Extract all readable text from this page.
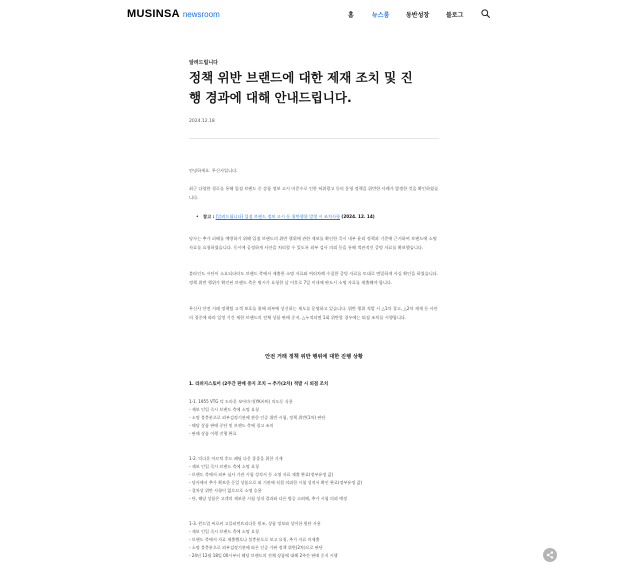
MUSINSA newsroom	홈	뉴스룸	동반성장	블로그
알려드립니다
정책 위반 브랜드에 대한 제재 조치 및 진
행 경과에 대해 안내드립니다.
2024.12.18
안녕하세요. 무신사입니다.
최근 다양한 경로를 통해 입점 브랜드 중 상품 정보 고시 미준수로 인한 허위광고 등의 운영 정책을 위반한 사례가 발생한 것을 확인하였습니다.
• 참고 : [알려드립니다] 입점 브랜드 정보 고시 등 위반행위 발생 시 조치사항 (2024. 12. 14)
당사는 추가 피해를 예방하기 위해 입점 브랜드의 위반 행위에 관한 제보를 확인한 즉시 내부 윤리 정책과 기준에 근거하여 브랜드에 소명 자료를 요청하였습니다. 동시에 공정하게 사안을 처리할 수 있도록 외부 검사 의뢰 등을 통해 객관적인 증빙 자료를 확보했습니다.
블라인드 시단이 소요되더라도 브랜드 측에서 제출한 소명 자료와 여러차례 수집한 증빙 자료를 토대로 면밀하게 사실 확인을 하였습니다. 정책 위반 행위가 확인된 브랜드 측은 명시가 요청한 날 이후로 7일 이내에 판도시 소명 자료를 제출해야 합니다.
무신사 안전 거래 정책팀 고객 보호를 위해 외부에 상신하는 제도를 운영하고 있습니다. 위반 행위 적발 시 △1차 경고, △2차 제재 등 사안의 경중에 따라 일정 기간 제한 브랜드의 전체 상품 판매 중지, △누적되면 1회 위반할 경우에는 퇴점 조치를 시행합니다.
안전 거래 정책 위반 행위에 대한 진행 상황
1. 라퍼지스토어 (2주간 판매 중지 조치 → 추가(2차) 적발 시 퇴점 조치
1-1. 1955 VTG 덕 드라운 보아마기(YK커버) 의도동 식용
- 제보 인입 즉시 브랜드 측에 소명 요청
- 소명 불충분으로 외부검정기관에 관한 인증 위반 시험, 정책 위반(1차) 판단
- 해당 상품 판매 중단 및 브랜드 측에 경고 조치
- 판매 상품 이행 진행 완료
1-2. 덕다운 아르틱 후드 패딩 다운 종종을 위한 기재
- 제보 인입 즉시 브랜드 측에 소명 요청
- 브랜드 측에서 외부 심사 기관 시험 성적서 등 소명 자료 제출 완료(정부유정 값)
- 당사에서 추가 확보한 동일 상품으로 외 기관에 직접 의뢰한 시험 성적서 확인 완료(정부유정 값)
- 절차상 위반 사항이 없으므로 소명 승용
- 단, 해당 상품은 고객의 제보한 시험 성적 결과와 다른 방증 고려해, 추가 시험 의뢰 예정
1-3. 윈드업 씨로커 고플러먼트리다운 원조, 상품 정보와 상이한 원단 사용
- 제보 인입 즉시 브랜드 측에 소명 요청
- 브랜드 측에서 자료 제출했으나 불충분으로 보고 요청, 추가 자료 미제출
- 소명 불충분으로 외부검정기관에 따른 인증 가판 정책 위반(2차)으로 판단
- 24년 12월 18일 00시부터 해당 브랜드의 전체 상품에 대해 2주간 판매 중지 시행
